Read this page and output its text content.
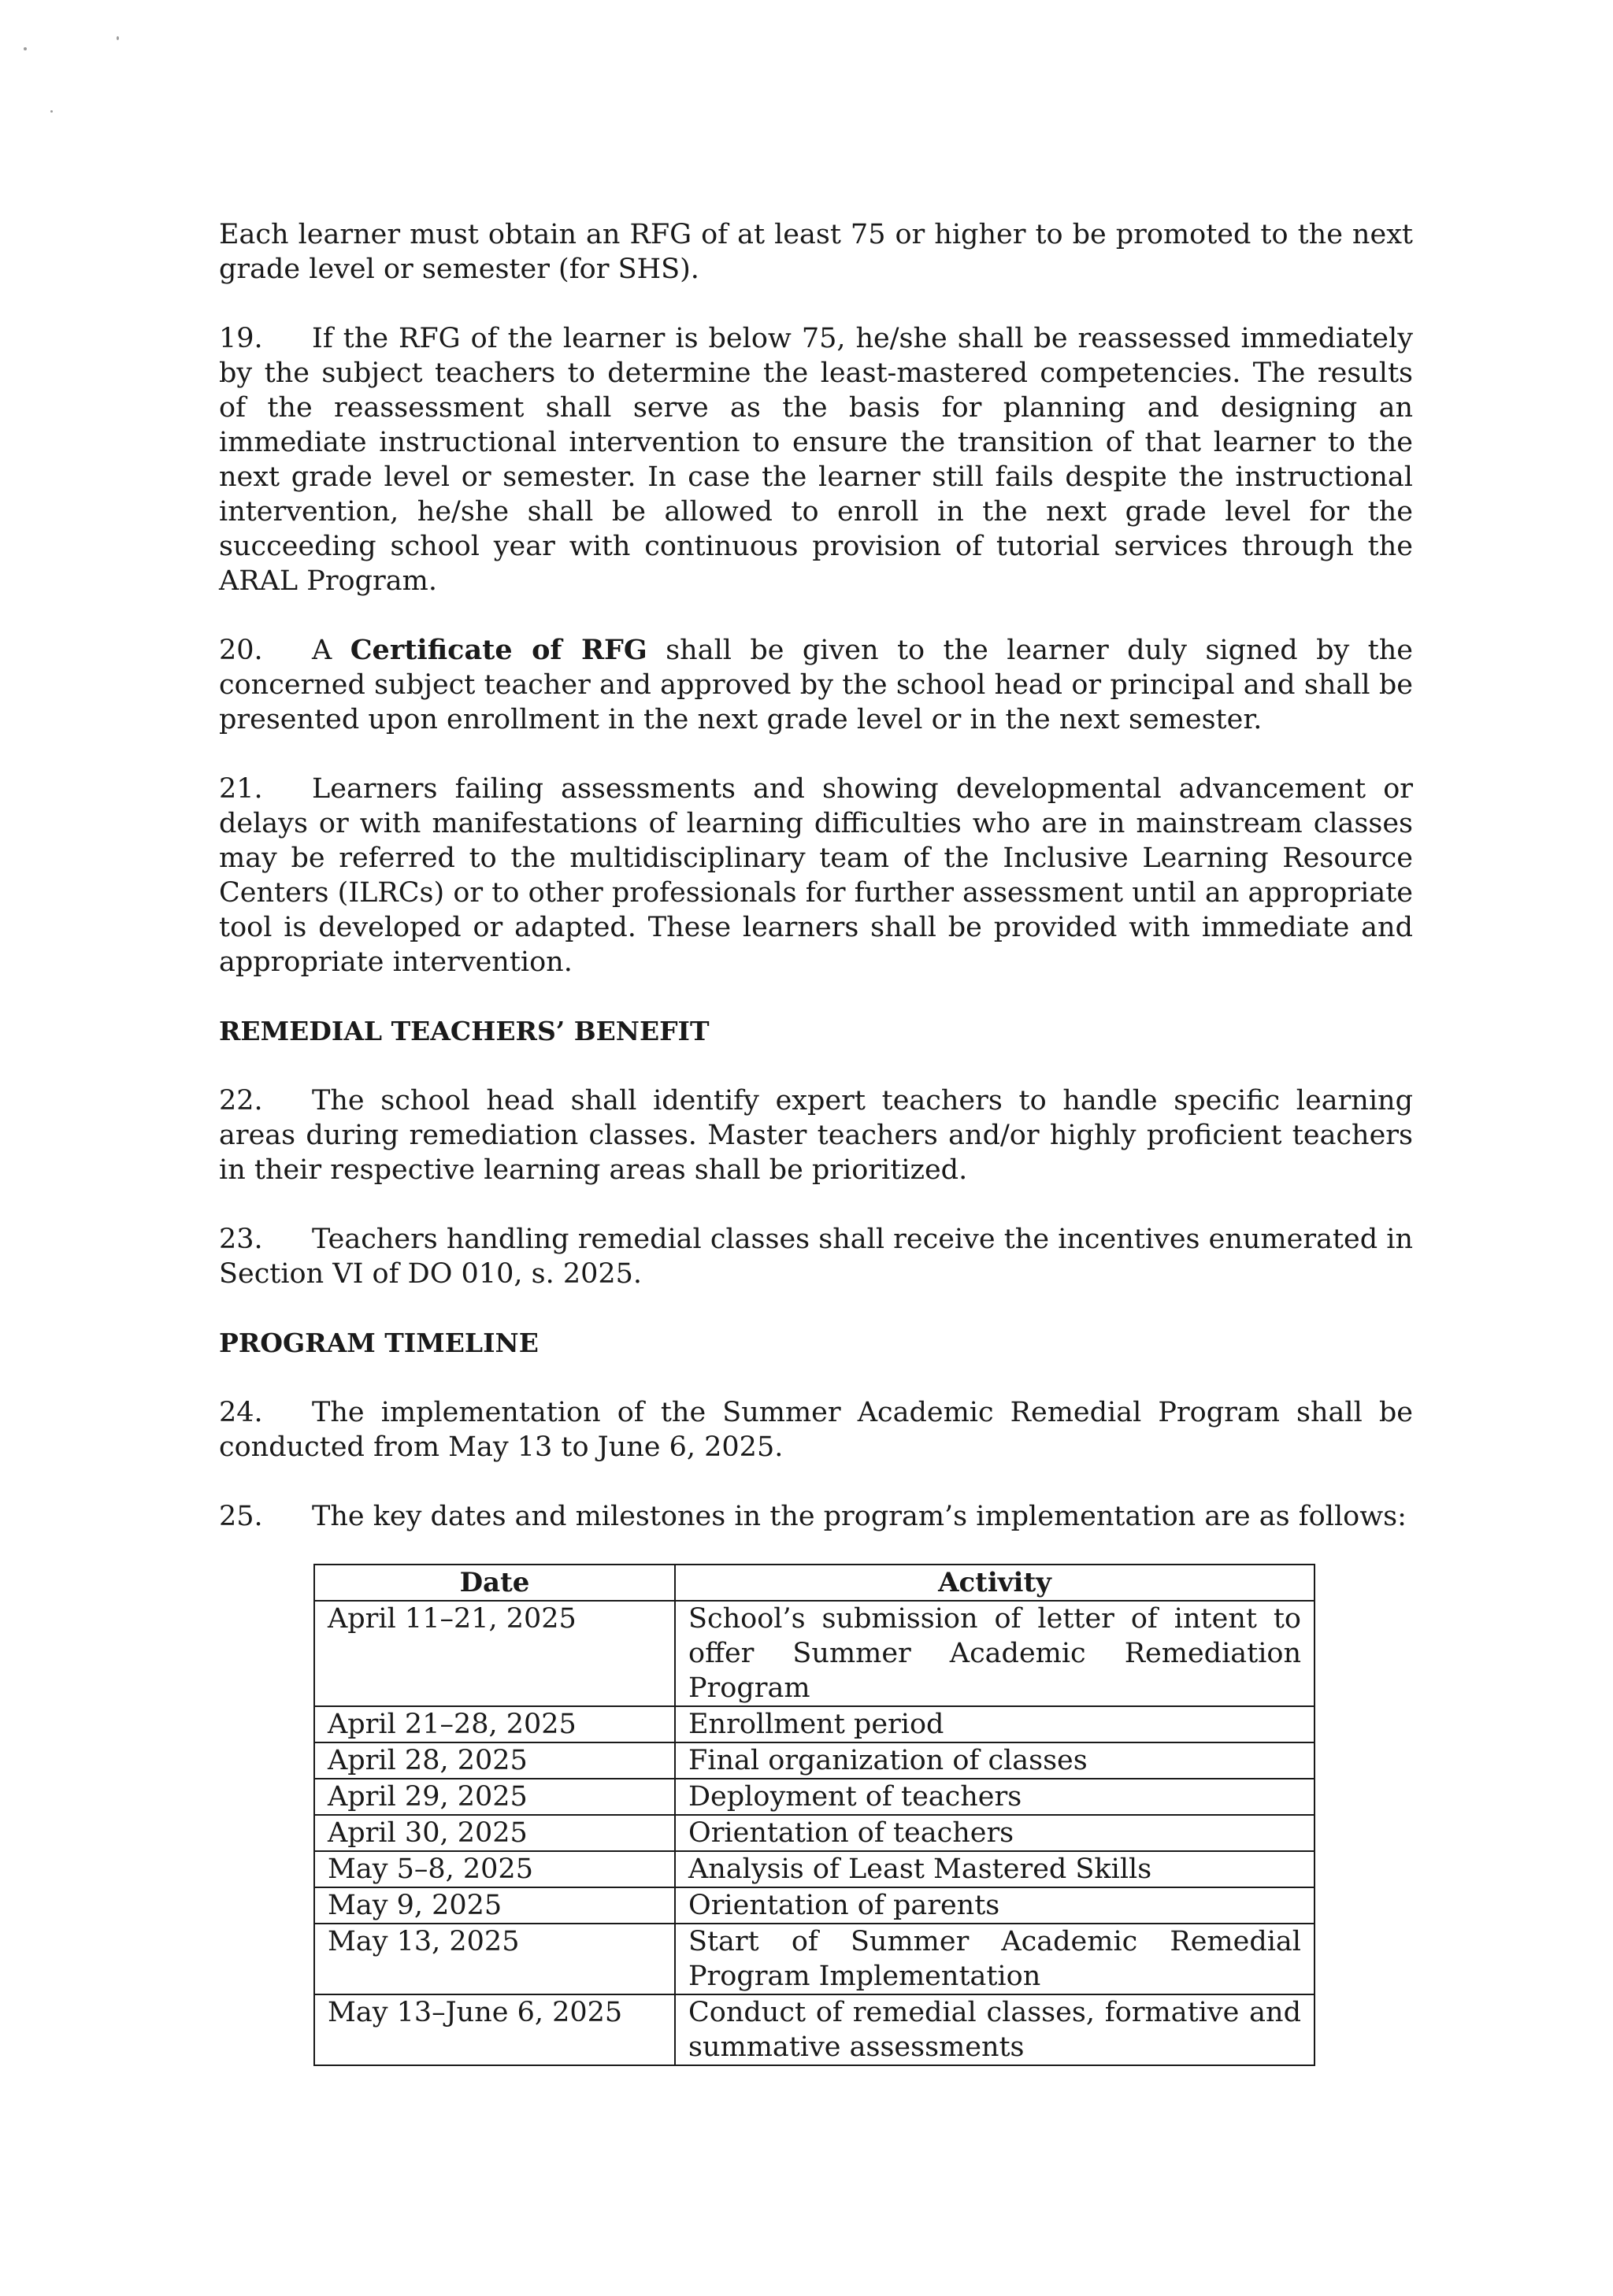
Each learner must obtain an RFG of at least 75 or higher to be promoted to the next grade level or semester (for SHS).

19. If the RFG of the learner is below 75, he/she shall be reassessed immediately by the subject teachers to determine the least-mastered competencies. The results of the reassessment shall serve as the basis for planning and designing an immediate instructional intervention to ensure the transition of that learner to the next grade level or semester. In case the learner still fails despite the instructional intervention, he/she shall be allowed to enroll in the next grade level for the succeeding school year with continuous provision of tutorial services through the ARAL Program.

20. A Certificate of RFG shall be given to the learner duly signed by the concerned subject teacher and approved by the school head or principal and shall be presented upon enrollment in the next grade level or in the next semester.

21. Learners failing assessments and showing developmental advancement or delays or with manifestations of learning difficulties who are in mainstream classes may be referred to the multidisciplinary team of the Inclusive Learning Resource Centers (ILRCs) or to other professionals for further assessment until an appropriate tool is developed or adapted. These learners shall be provided with immediate and appropriate intervention.

REMEDIAL TEACHERS’ BENEFIT

22. The school head shall identify expert teachers to handle specific learning areas during remediation classes. Master teachers and/or highly proficient teachers in their respective learning areas shall be prioritized.

23. Teachers handling remedial classes shall receive the incentives enumerated in Section VI of DO 010, s. 2025.

PROGRAM TIMELINE

24. The implementation of the Summer Academic Remedial Program shall be conducted from May 13 to June 6, 2025.

25. The key dates and milestones in the program’s implementation are as follows:

Date	Activity
April 11–21, 2025	School’s submission of letter of intent to offer Summer Academic Remediation Program
April 21–28, 2025	Enrollment period
April 28, 2025	Final organization of classes
April 29, 2025	Deployment of teachers
April 30, 2025	Orientation of teachers
May 5–8, 2025	Analysis of Least Mastered Skills
May 9, 2025	Orientation of parents
May 13, 2025	Start of Summer Academic Remedial Program Implementation
May 13–June 6, 2025	Conduct of remedial classes, formative and summative assessments
